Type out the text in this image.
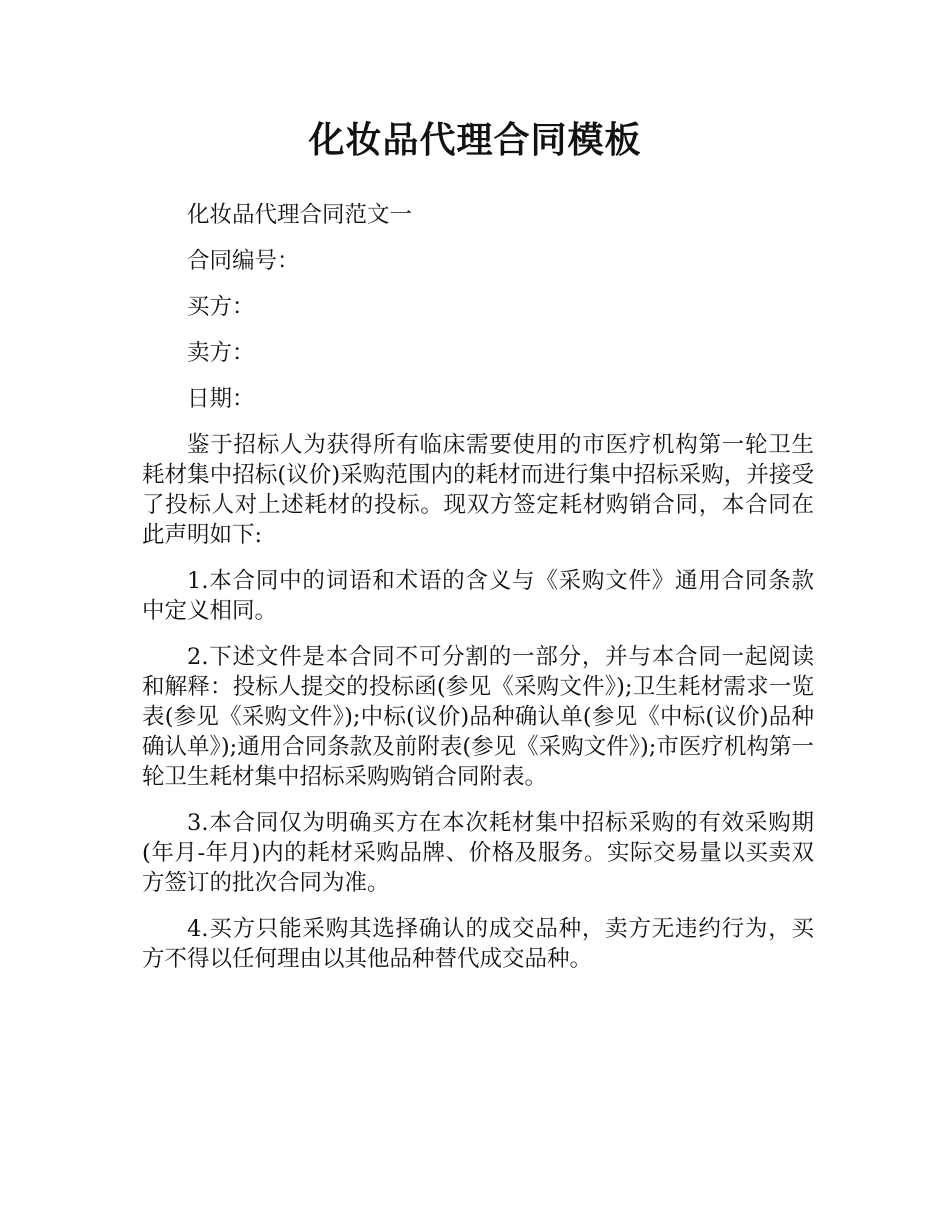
化妆品代理合同模板

化妆品代理合同范文一

合同编号：

买方：

卖方：

日期：

鉴于招标人为获得所有临床需要使用的市医疗机构第一轮卫生耗材集中招标(议价)采购范围内的耗材而进行集中招标采购，并接受了投标人对上述耗材的投标。现双方签定耗材购销合同，本合同在此声明如下:

1.本合同中的词语和术语的含义与《采购文件》通用合同条款中定义相同。

2.下述文件是本合同不可分割的一部分，并与本合同一起阅读和解释：投标人提交的投标函(参见《采购文件》);卫生耗材需求一览表(参见《采购文件》);中标(议价)品种确认单(参见《中标(议价)品种确认单》);通用合同条款及前附表(参见《采购文件》);市医疗机构第一轮卫生耗材集中招标采购购销合同附表。

3.本合同仅为明确买方在本次耗材集中招标采购的有效采购期(年月-年月)内的耗材采购品牌、价格及服务。实际交易量以买卖双方签订的批次合同为准。

4.买方只能采购其选择确认的成交品种，卖方无违约行为，买方不得以任何理由以其他品种替代成交品种。
